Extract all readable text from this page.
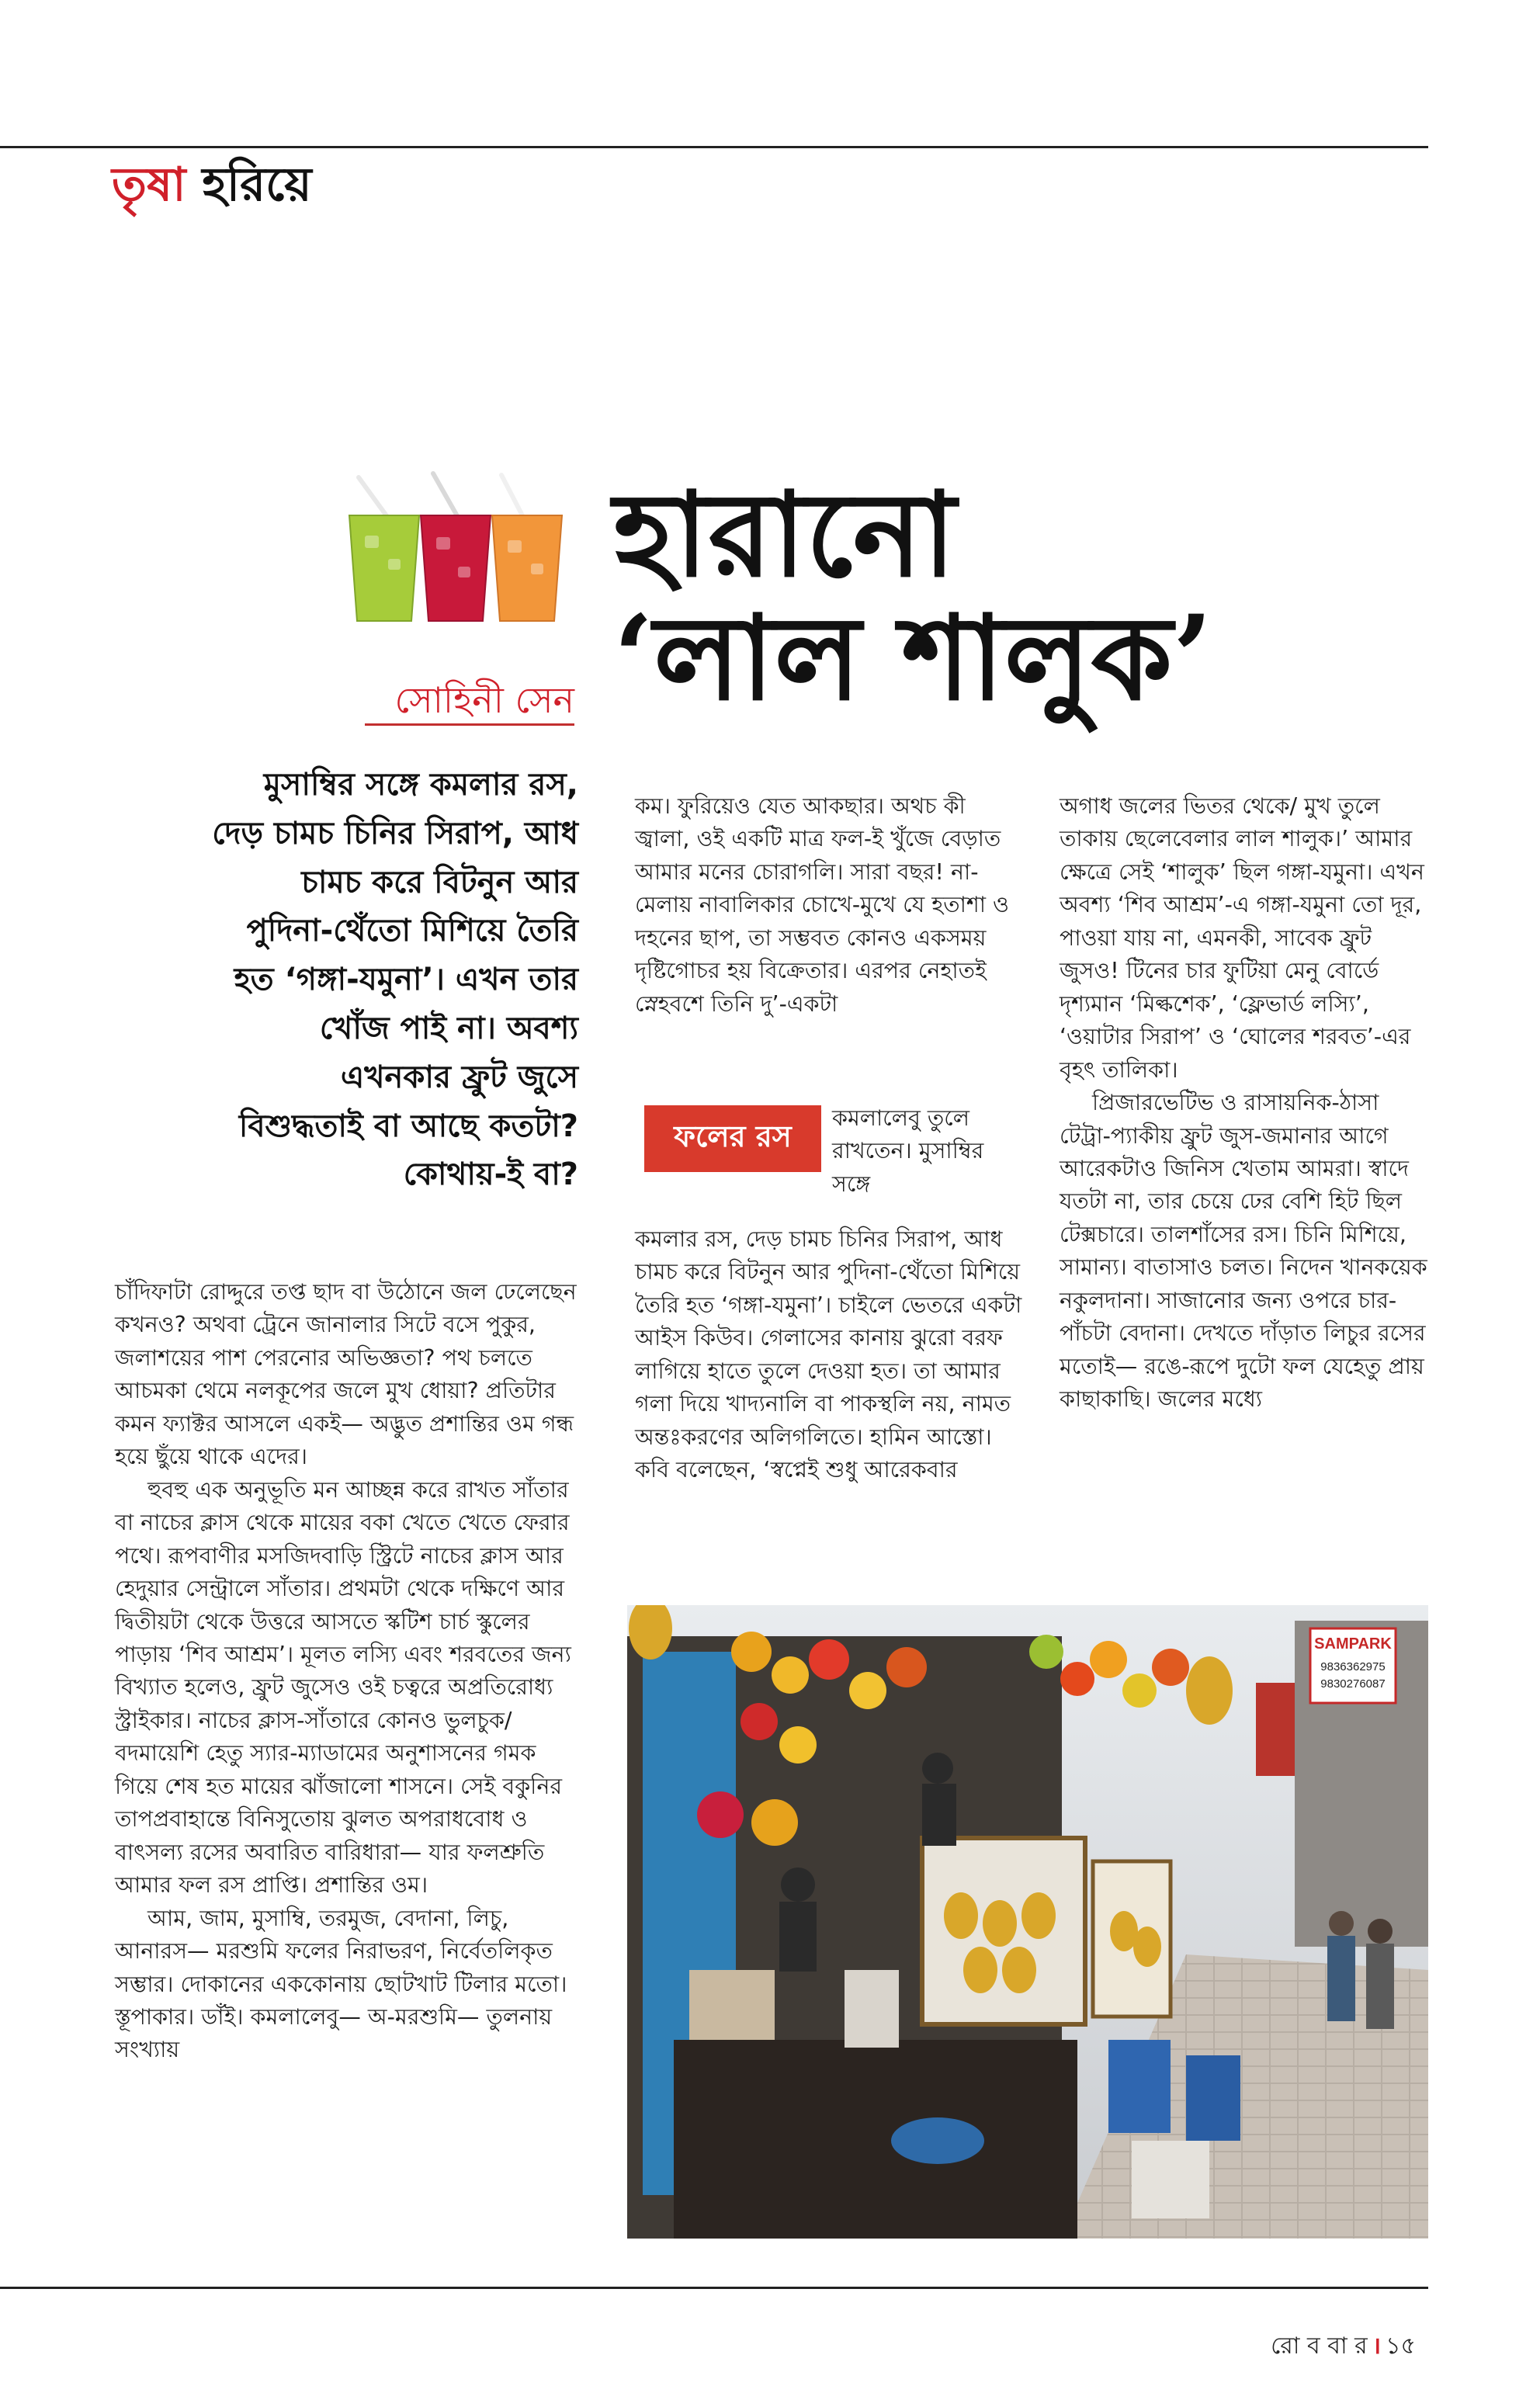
তৃষা হরিয়ে
সোহিনী সেন
হারানো
‘লাল শালুক’
মুসাম্বির সঙ্গে কমলার রস,
দেড় চামচ চিনির সিরাপ, আধ
চামচ করে বিটনুন আর
পুদিনা-থেঁতো মিশিয়ে তৈরি
হত ‘গঙ্গা-যমুনা’। এখন তার
খোঁজ পাই না। অবশ্য
এখনকার ফ্রুট জুসে
বিশুদ্ধতাই বা আছে কতটা?
কোথায়-ই বা?

চাঁদিফাটা রোদ্দুরে তপ্ত ছাদ বা উঠোনে জল ঢেলেছেন কখনও? অথবা ট্রেনে জানালার সিটে বসে পুকুর, জলাশয়ের পাশ পেরনোর অভিজ্ঞতা? পথ চলতে আচমকা থেমে নলকূপের জলে মুখ ধোয়া? প্রতিটার কমন ফ্যাক্টর আসলে একই— অদ্ভুত প্রশান্তির ওম গন্ধ হয়ে ছুঁয়ে থাকে এদের।

হুবহু এক অনুভূতি মন আচ্ছন্ন করে রাখত সাঁতার বা নাচের ক্লাস থেকে মায়ের বকা খেতে খেতে ফেরার পথে। রূপবাণীর মসজিদবাড়ি স্ট্রিটে নাচের ক্লাস আর হেদুয়ার সেন্ট্রালে সাঁতার। প্রথমটা থেকে দক্ষিণে আর দ্বিতীয়টা থেকে উত্তরে আসতে স্কটিশ চার্চ স্কুলের পাড়ায় ‘শিব আশ্রম’। মূলত লস্যি এবং শরবতের জন্য বিখ্যাত হলেও, ফ্রুট জুসেও ওই চত্বরে অপ্রতিরোধ্য স্ট্রাইকার। নাচের ক্লাস-সাঁতারে কোনও ভুলচুক/বদমায়েশি হেতু স্যার-ম্যাডামের অনুশাসনের গমক গিয়ে শেষ হত মায়ের ঝাঁজালো শাসনে। সেই বকুনির তাপপ্রবাহান্তে বিনিসুতোয় ঝুলত অপরাধবোধ ও বাৎসল্য রসের অবারিত বারিধারা— যার ফলশ্রুতি আমার ফল রস প্রাপ্তি। প্রশান্তির ওম।

আম, জাম, মুসাম্বি, তরমুজ, বেদানা, লিচু, আনারস— মরশুমি ফলের নিরাভরণ, নির্বেতলিকৃত সম্ভার। দোকানের এককোনায় ছোটখাট টিলার মতো। স্তূপাকার। ডাঁই। কমলালেবু— অ-মরশুমি— তুলনায় সংখ্যায়

কম। ফুরিয়েও যেত আকছার। অথচ কী জ্বালা, ওই একটি মাত্র ফল-ই খুঁজে বেড়াত আমার মনের চোরাগলি। সারা বছর! না-মেলায় নাবালিকার চোখে-মুখে যে হতাশা ও দহনের ছাপ, তা সম্ভবত কোনও একসময় দৃষ্টিগোচর হয় বিক্রেতার। এরপর নেহাতই স্নেহবশে তিনি দু’-একটা

ফলের রস

কমলালেবু তুলে রাখতেন। মুসাম্বির সঙ্গে

কমলার রস, দেড় চামচ চিনির সিরাপ, আধ চামচ করে বিটনুন আর পুদিনা-থেঁতো মিশিয়ে তৈরি হত ‘গঙ্গা-যমুনা’। চাইলে ভেতরে একটা আইস কিউব। গেলাসের কানায় ঝুরো বরফ লাগিয়ে হাতে তুলে দেওয়া হত। তা আমার গলা দিয়ে খাদ্যনালি বা পাকস্থলি নয়, নামত অন্তঃকরণের অলিগলিতে। হামিন আস্তো। কবি বলেছেন, ‘স্বপ্নেই শুধু আরেকবার

অগাধ জলের ভিতর থেকে/ মুখ তুলে তাকায় ছেলেবেলার লাল শালুক।’ আমার ক্ষেত্রে সেই ‘শালুক’ ছিল গঙ্গা-যমুনা। এখন অবশ্য ‘শিব আশ্রম’-এ গঙ্গা-যমুনা তো দূর, পাওয়া যায় না, এমনকী, সাবেক ফ্রুট জুসও! টিনের চার ফুটিয়া মেনু বোর্ডে দৃশ্যমান ‘মিল্কশেক’, ‘ফ্লেভার্ড লস্যি’, ‘ওয়াটার সিরাপ’ ও ‘ঘোলের শরবত’-এর বৃহৎ তালিকা।

প্রিজারভেটিভ ও রাসায়নিক-ঠাসা টেট্রা-প্যাকীয় ফ্রুট জুস-জমানার আগে আরেকটাও জিনিস খেতাম আমরা। স্বাদে যতটা না, তার চেয়ে ঢের বেশি হিট ছিল টেক্সচারে। তালশাঁসের রস। চিনি মিশিয়ে, সামান্য। বাতাসাও চলত। নিদেন খানকয়েক নকুলদানা। সাজানোর জন্য ওপরে চার-পাঁচটা বেদানা। দেখতে দাঁড়াত লিচুর রসের মতোই— রঙে-রূপে দুটো ফল যেহেতু প্রায় কাছাকাছি। জলের মধ্যে

SAMPARK
9836362975
9830276087
রো ব বা র । ১৫
